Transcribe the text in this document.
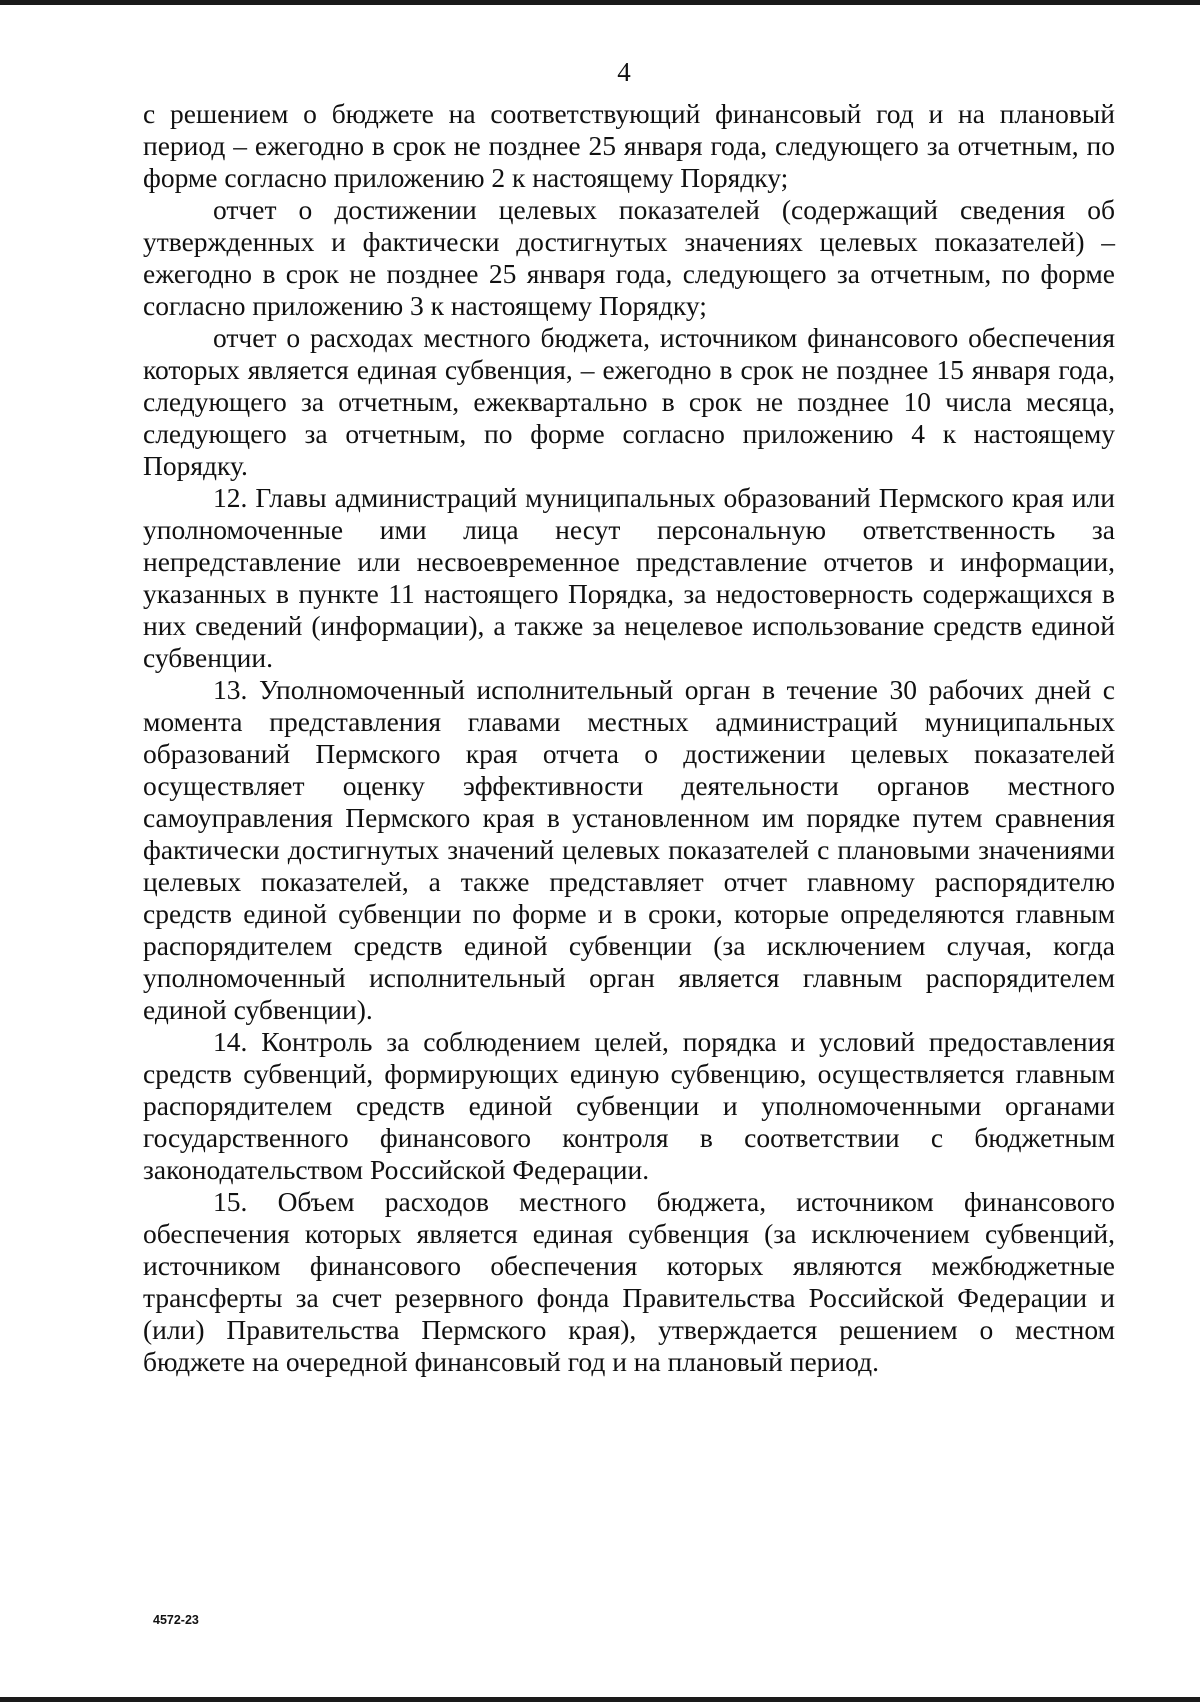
4

с решением о бюджете на соответствующий финансовый год и на плановый период – ежегодно в срок не позднее 25 января года, следующего за отчетным, по форме согласно приложению 2 к настоящему Порядку;

отчет о достижении целевых показателей (содержащий сведения об утвержденных и фактически достигнутых значениях целевых показателей) – ежегодно в срок не позднее 25 января года, следующего за отчетным, по форме согласно приложению 3 к настоящему Порядку;

отчет о расходах местного бюджета, источником финансового обеспечения которых является единая субвенция, – ежегодно в срок не позднее 15 января года, следующего за отчетным, ежеквартально в срок не позднее 10 числа месяца, следующего за отчетным, по форме согласно приложению 4 к настоящему Порядку.

12. Главы администраций муниципальных образований Пермского края или уполномоченные ими лица несут персональную ответственность за непредставление или несвоевременное представление отчетов и информации, указанных в пункте 11 настоящего Порядка, за недостоверность содержащихся в них сведений (информации), а также за нецелевое использование средств единой субвенции.

13. Уполномоченный исполнительный орган в течение 30 рабочих дней с момента представления главами местных администраций муниципальных образований Пермского края отчета о достижении целевых показателей осуществляет оценку эффективности деятельности органов местного самоуправления Пермского края в установленном им порядке путем сравнения фактически достигнутых значений целевых показателей с плановыми значениями целевых показателей, а также представляет отчет главному распорядителю средств единой субвенции по форме и в сроки, которые определяются главным распорядителем средств единой субвенции (за исключением случая, когда уполномоченный исполнительный орган является главным распорядителем единой субвенции).

14. Контроль за соблюдением целей, порядка и условий предоставления средств субвенций, формирующих единую субвенцию, осуществляется главным распорядителем средств единой субвенции и уполномоченными органами государственного финансового контроля в соответствии с бюджетным законодательством Российской Федерации.

15. Объем расходов местного бюджета, источником финансового обеспечения которых является единая субвенция (за исключением субвенций, источником финансового обеспечения которых являются межбюджетные трансферты за счет резервного фонда Правительства Российской Федерации и (или) Правительства Пермского края), утверждается решением о местном бюджете на очередной финансовый год и на плановый период.

4572-23
